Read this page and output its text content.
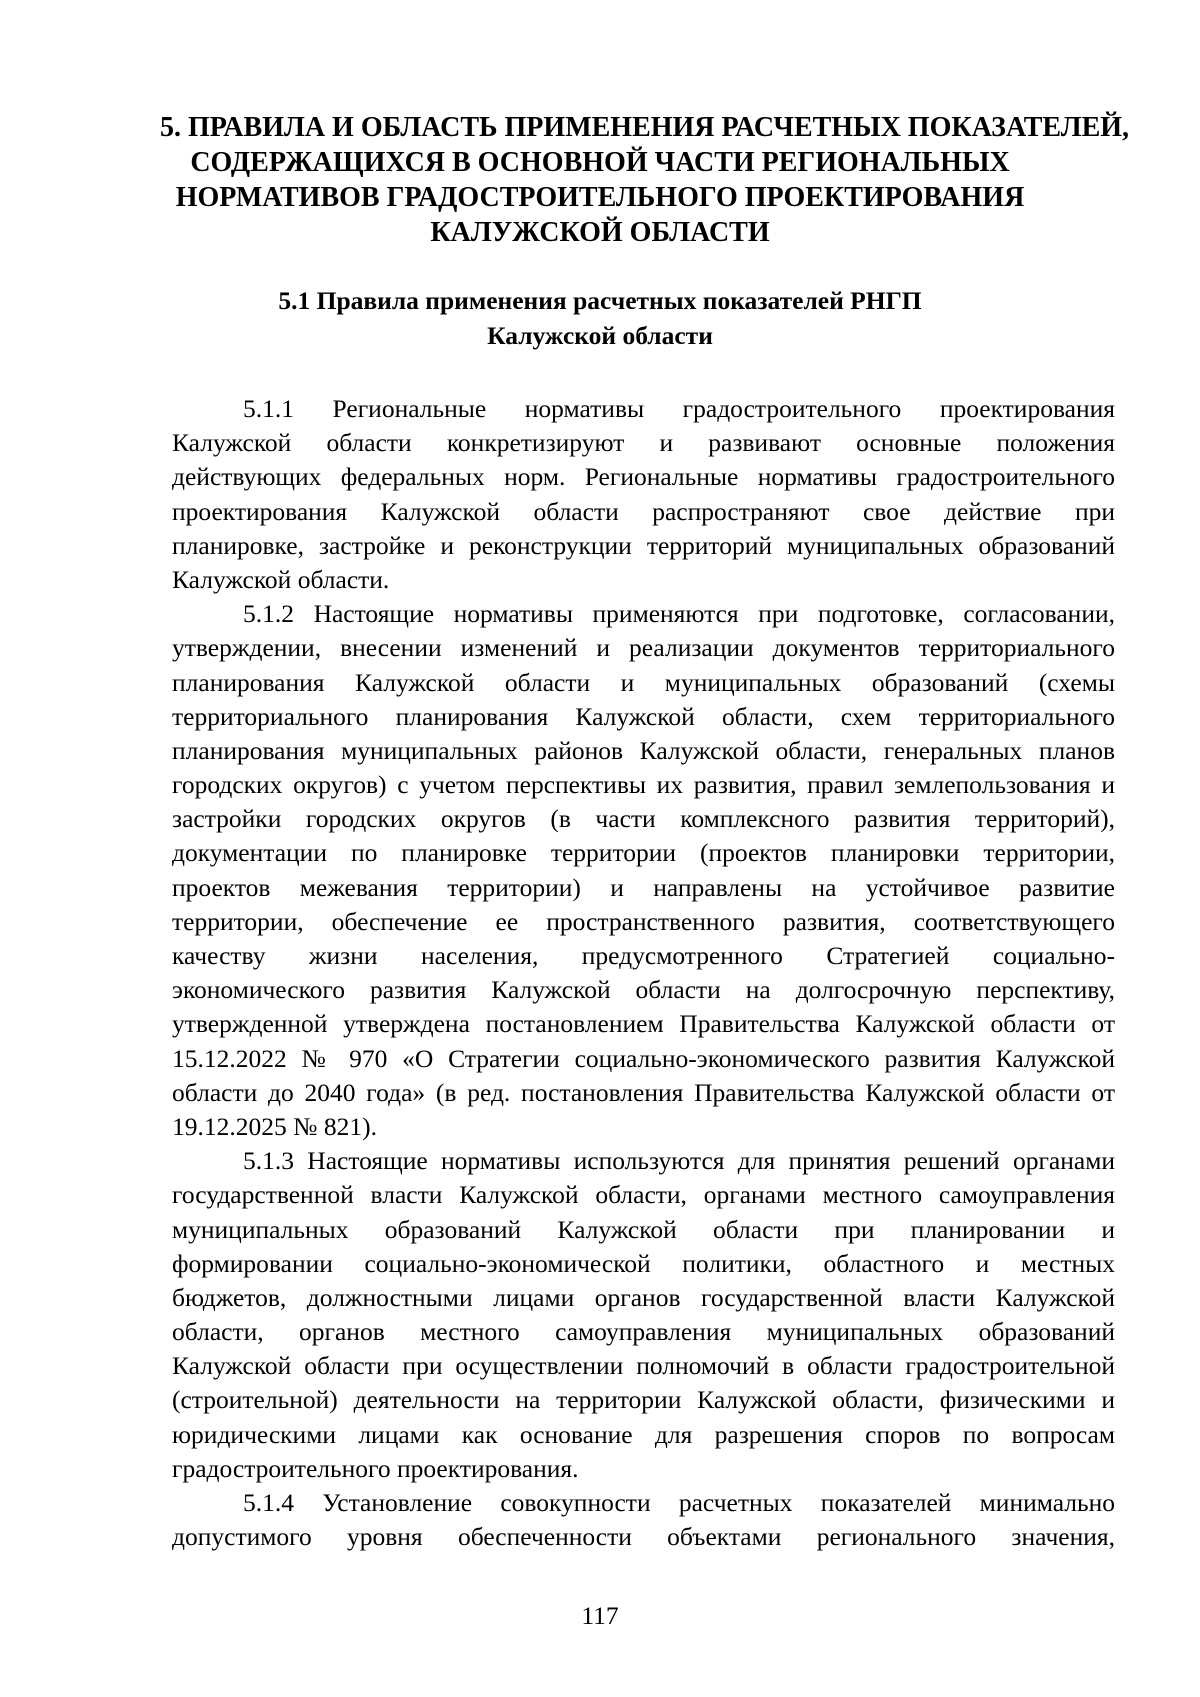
5. ПРАВИЛА И ОБЛАСТЬ ПРИМЕНЕНИЯ РАСЧЕТНЫХ ПОКАЗАТЕЛЕЙ,
СОДЕРЖАЩИХСЯ В ОСНОВНОЙ ЧАСТИ РЕГИОНАЛЬНЫХ
НОРМАТИВОВ ГРАДОСТРОИТЕЛЬНОГО ПРОЕКТИРОВАНИЯ
КАЛУЖСКОЙ ОБЛАСТИ
5.1 Правила применения расчетных показателей РНГП
Калужской области

5.1.1 Региональные нормативы градостроительного проектирования
Калужской области конкретизируют и развивают основные положения
действующих федеральных норм. Региональные нормативы градостроительного
проектирования Калужской области распространяют свое действие при
планировке, застройке и реконструкции территорий муниципальных образований
Калужской области.

5.1.2 Настоящие нормативы применяются при подготовке, согласовании,
утверждении, внесении изменений и реализации документов территориального
планирования Калужской области и муниципальных образований (схемы
территориального планирования Калужской области, схем территориального
планирования муниципальных районов Калужской области, генеральных планов
городских округов) с учетом перспективы их развития, правил землепользования и
застройки городских округов (в части комплексного развития территорий),
документации по планировке территории (проектов планировки территории,
проектов межевания территории) и направлены на устойчивое развитие
территории, обеспечение ее пространственного развития, соответствующего
качеству жизни населения, предусмотренного Стратегией социально-
экономического развития Калужской области на долгосрочную перспективу,
утвержденной утверждена постановлением Правительства Калужской области от
15.12.2022 № 970 «О Стратегии социально-экономического развития Калужской
области до 2040 года» (в ред. постановления Правительства Калужской области от
19.12.2025 № 821).

5.1.3 Настоящие нормативы используются для принятия решений органами
государственной власти Калужской области, органами местного самоуправления
муниципальных образований Калужской области при планировании и
формировании социально-экономической политики, областного и местных
бюджетов, должностными лицами органов государственной власти Калужской
области, органов местного самоуправления муниципальных образований
Калужской области при осуществлении полномочий в области градостроительной
(строительной) деятельности на территории Калужской области, физическими и
юридическими лицами как основание для разрешения споров по вопросам
градостроительного проектирования.

5.1.4 Установление совокупности расчетных показателей минимально
допустимого уровня обеспеченности объектами регионального значения,

117
